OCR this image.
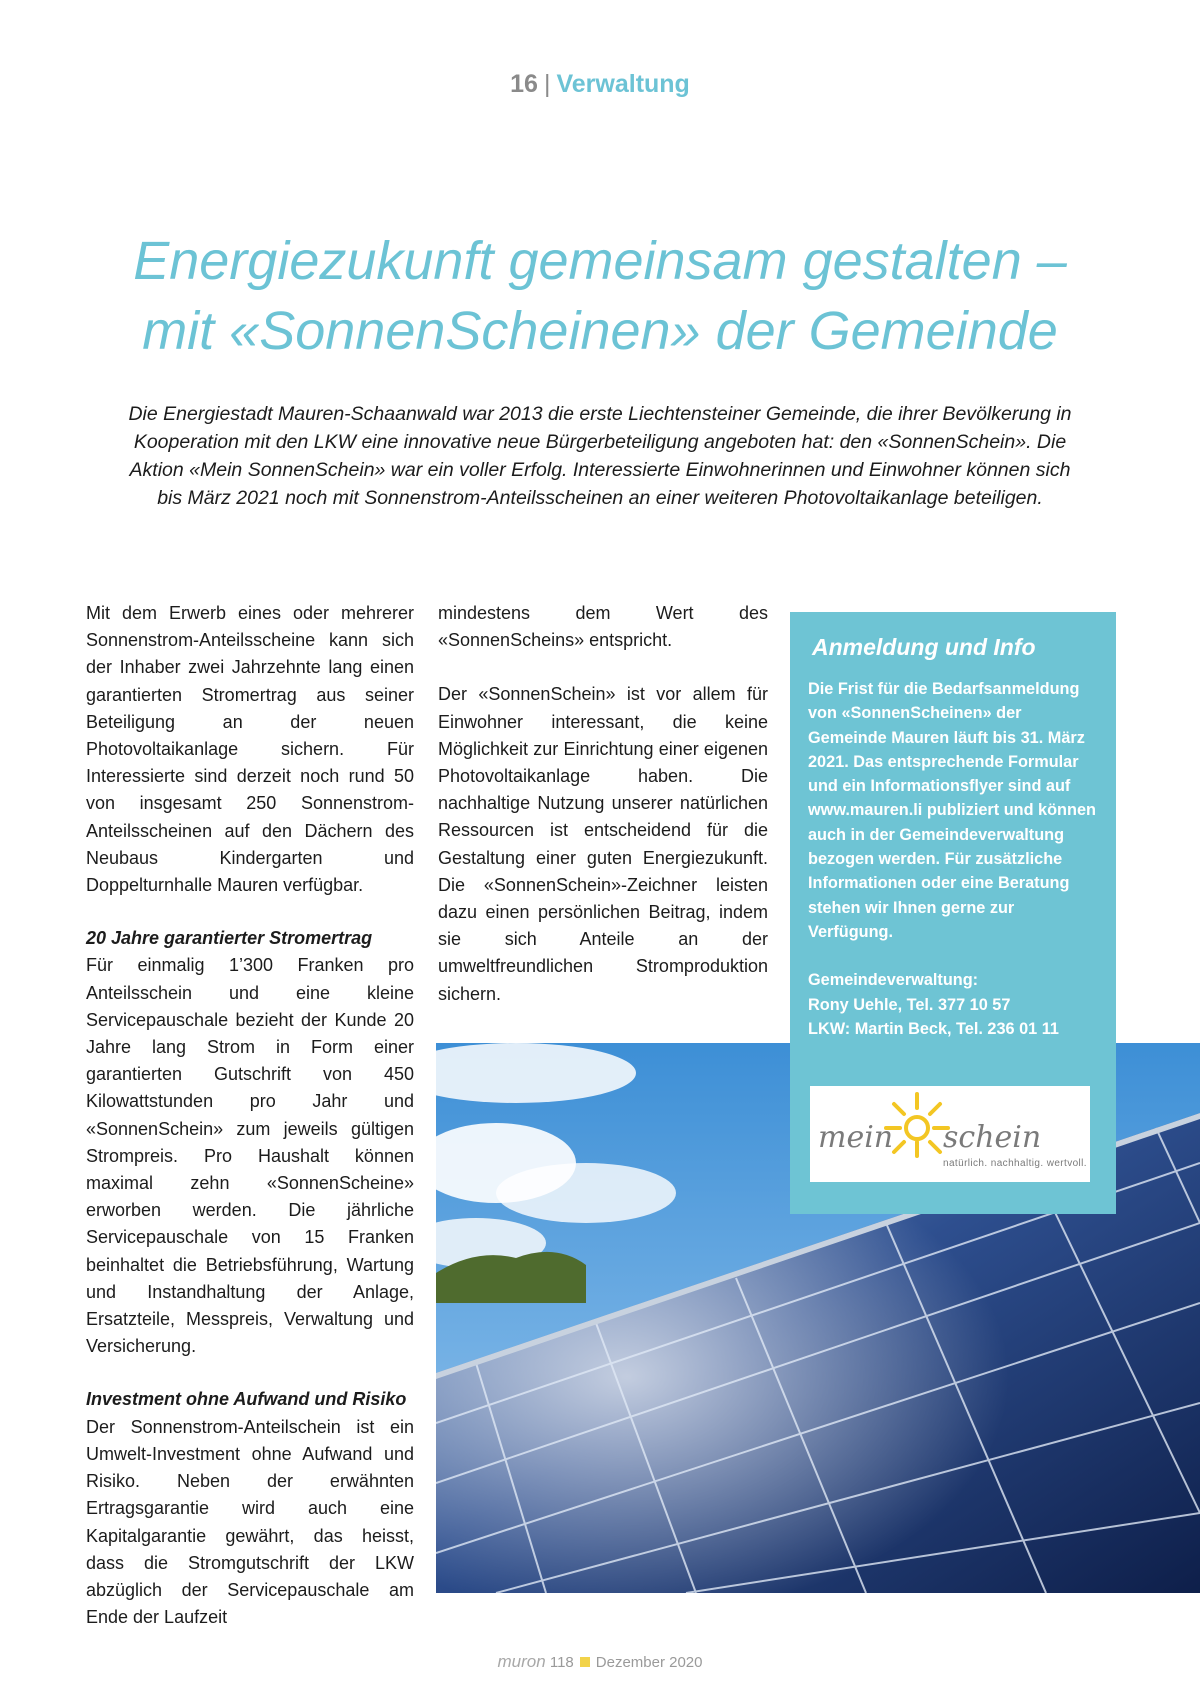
16 | Verwaltung
Energiezukunft gemeinsam gestalten –
mit «SonnenScheinen» der Gemeinde

Die Energiestadt Mauren-Schaanwald war 2013 die erste Liechtensteiner Gemeinde, die ihrer Bevölkerung in Kooperation mit den LKW eine innovative neue Bürgerbeteiligung angeboten hat: den «SonnenSchein». Die Aktion «Mein SonnenSchein» war ein voller Erfolg. Interessierte Einwohnerinnen und Einwohner können sich bis März 2021 noch mit Sonnenstrom-Anteilsscheinen an einer weiteren Photovoltaikanlage beteiligen.

Mit dem Erwerb eines oder mehrerer Sonnenstrom-Anteilsscheine kann sich der Inhaber zwei Jahrzehnte lang einen garantierten Stromertrag aus seiner Beteiligung an der neuen Photovoltaikanlage sichern. Für Interessierte sind derzeit noch rund 50 von insgesamt 250 Sonnenstrom-Anteilsscheinen auf den Dächern des Neubaus Kindergarten und Doppelturnhalle Mauren verfügbar.

20 Jahre garantierter Stromertrag

Für einmalig 1’300 Franken pro Anteilsschein und eine kleine Servicepauschale bezieht der Kunde 20 Jahre lang Strom in Form einer garantierten Gutschrift von 450 Kilowattstunden pro Jahr und «SonnenSchein» zum jeweils gültigen Strompreis. Pro Haushalt können maximal zehn «SonnenScheine» erworben werden. Die jährliche Servicepauschale von 15 Franken beinhaltet die Betriebsführung, Wartung und Instandhaltung der Anlage, Ersatzteile, Messpreis, Verwaltung und Versicherung.

Investment ohne Aufwand und Risiko

Der Sonnenstrom-Anteilschein ist ein Umwelt-Investment ohne Aufwand und Risiko. Neben der erwähnten Ertragsgarantie wird auch eine Kapitalgarantie gewährt, das heisst, dass die Stromgutschrift der LKW abzüglich der Servicepauschale am Ende der Laufzeit

mindestens dem Wert des «SonnenScheins» entspricht.

Der «SonnenSchein» ist vor allem für Einwohner interessant, die keine Möglichkeit zur Einrichtung einer eigenen Photovoltaikanlage haben. Die nachhaltige Nutzung unserer natürlichen Ressourcen ist entscheidend für die Gestaltung einer guten Energiezukunft. Die «SonnenSchein»-Zeichner leisten dazu einen persönlichen Beitrag, indem sie sich Anteile an der umweltfreundlichen Stromproduktion sichern.

Anmeldung und Info
Die Frist für die Bedarfsanmeldung von «SonnenScheinen» der Gemeinde Mauren läuft bis 31. März 2021. Das entsprechende Formular und ein Informationsflyer sind auf www.mauren.li publiziert und können auch in der Gemeindeverwaltung bezogen werden. Für zusätzliche Informationen oder eine Beratung stehen wir Ihnen gerne zur Verfügung.
Gemeindeverwaltung:
Rony Uehle, Tel. 377 10 57
LKW: Martin Beck, Tel. 236 01 11
mein schein
natürlich. nachhaltig. wertvoll.
muron 118 Dezember 2020
